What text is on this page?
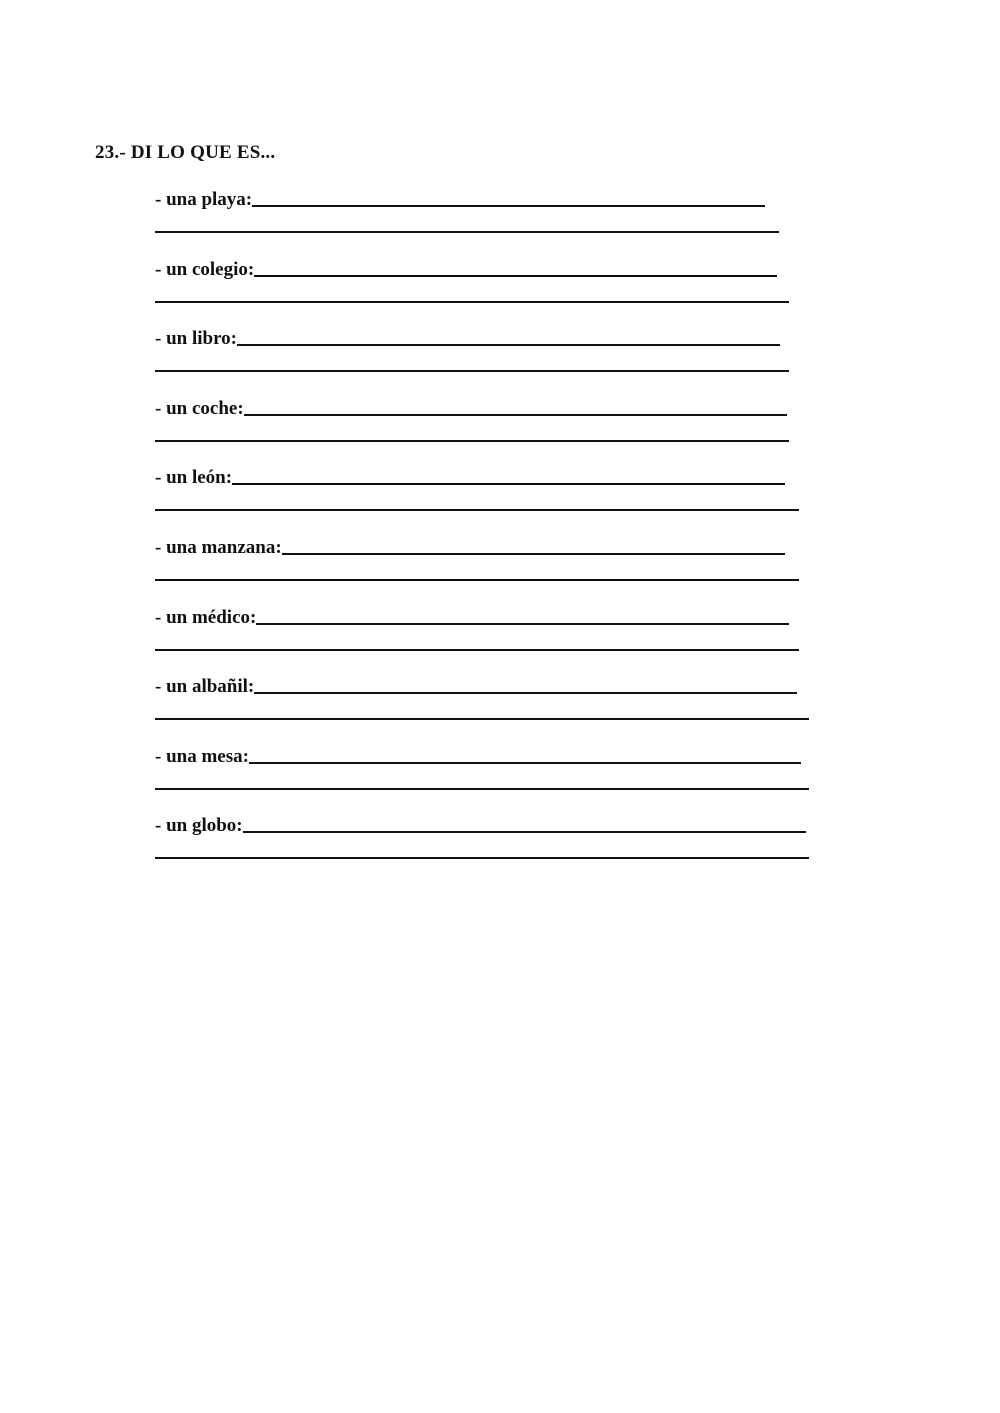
23.- DI LO QUE ES...
- una playa:
- un colegio:
- un libro:
- un coche:
- un león:
- una manzana:
- un médico:
- un albañil:
- una mesa:
- un globo:
